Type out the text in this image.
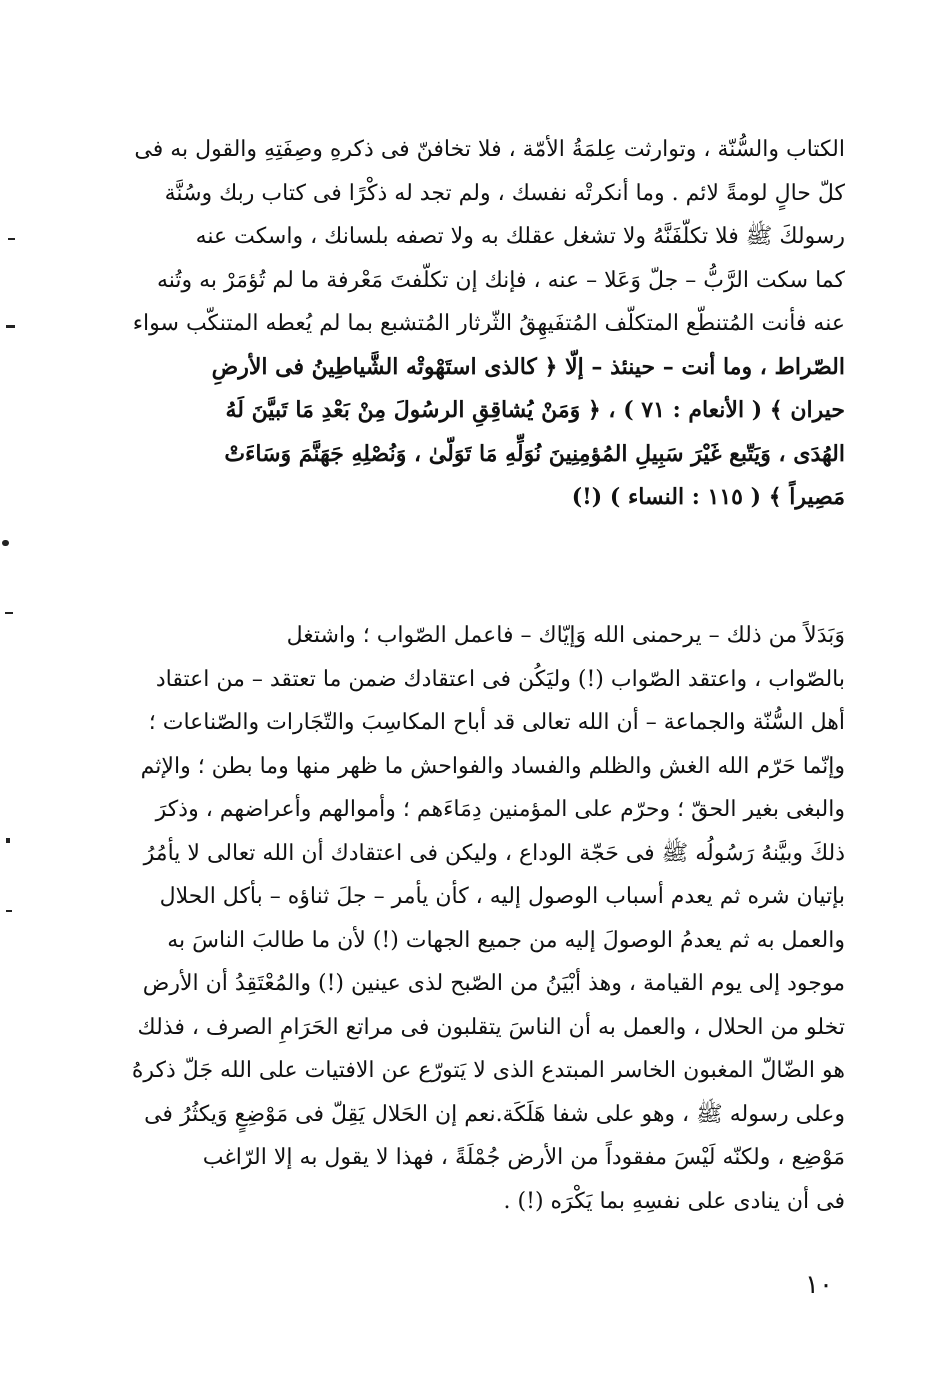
الكتاب والسُّنّة ، وتوارثت عِلمَةُ الأمّة ، فلا تخافنّ فى ذكرهِ وصِفَتِهِ والقول به فى
كلّ حالٍ لومةً لائم . وما أنكرتْه نفسك ، ولم تجد له ذكْرًا فى كتاب ربك وسُنَّة
رسولكَ ﷺ فلا تكلّفَنَّهُ ولا تشغل عقلك به ولا تصفه بلسانك ، واسكت عنه
كما سكت الرَّبُّ – جلّ وَعَلا – عنه ، فإنك إن تكلّفتَ مَعْرفة ما لم تُؤمَرْ به وتُنه
عنه فأنت المُتنطّع المتكلّف المُتفَيهِقُ الثّرثار المُتشبع بما لم يُعطه المتنكّب سواء
الصّراط ، وما أنت – حينئذ – إلّا ﴿ كالذى استَهْوتْه الشَّياطِينُ فى الأرضِ
حيران ﴾ ( الأنعام : ٧١ ) ، ﴿ وَمَنْ يُشاقِقِ الرسُولَ مِنْ بَعْدِ مَا تَبيَّنَ لَهُ
الهُدَى ، وَيَتّبع غَيْرَ سَبِيلِ المُؤمِنِينَ نُوَلِّهِ مَا تَوَلّىٰ ، وَنُصْلِهِ جَهَنَّمَ وَسَاءَتْ
مَصِيراً ﴾ ( ١١٥ : النساء ) (!)
وَبَدَلاً من ذلك – يرحمنى الله وَإيّاك – فاعمل الصّواب ؛ واشتغل
بالصّواب ، واعتقد الصّواب (!) وليَكُن فى اعتقادك ضمن ما تعتقد – من اعتقاد
أهل السُّنّة والجماعة – أن الله تعالى قد أباح المكاسِبَ والتّجَارات والصّناعات ؛
وإنّما حَرّم الله الغش والظلم والفساد والفواحش ما ظهر منها وما بطن ؛ والإثم
والبغى بغير الحقّ ؛ وحرّم على المؤمنين دِمَاءَهم ؛ وأموالهم وأعراضهم ، وذكرَ
ذلكَ وبيَّنهُ رَسُولُه ﷺ فى حَجّة الوداع ، وليكن فى اعتقادك أن الله تعالى لا يأمُرُ
بإتيان شره ثم يعدم أسباب الوصول إليه ، كأن يأمر – جلَ ثناؤه – بأكل الحلال
والعمل به ثم يعدمُ الوصولَ إليه من جميع الجهات (!) لأن ما طالبَ الناسَ به
موجود إلى يوم القيامة ، وهذ أبْيَنُ من الصّبح لذى عينين (!) والمُعْتَقِدُ أن الأرض
تخلو من الحلال ، والعمل به أن الناسَ يتقلبون فى مراتع الحَرَامِ الصرف ، فذلك
هو الضّالّ المغبون الخاسر المبتدع الذى لا يَتورّع عن الافتيات على الله جَلّ ذكرهُ
وعلى رسوله ﷺ ، وهو على شفا هَلَكَة.نعم إن الحَلال يَقِلّ فى مَوْضِعٍ وَيكثُرُ فى
مَوْضِع ، ولكنّه لَيْسَ مفقوداً من الأرض جُمْلَةً ، فهذا لا يقول به إلا الرّاغب
فى أن ينادى على نفسِهِ بما يَكْرَه (!) .
١٠
